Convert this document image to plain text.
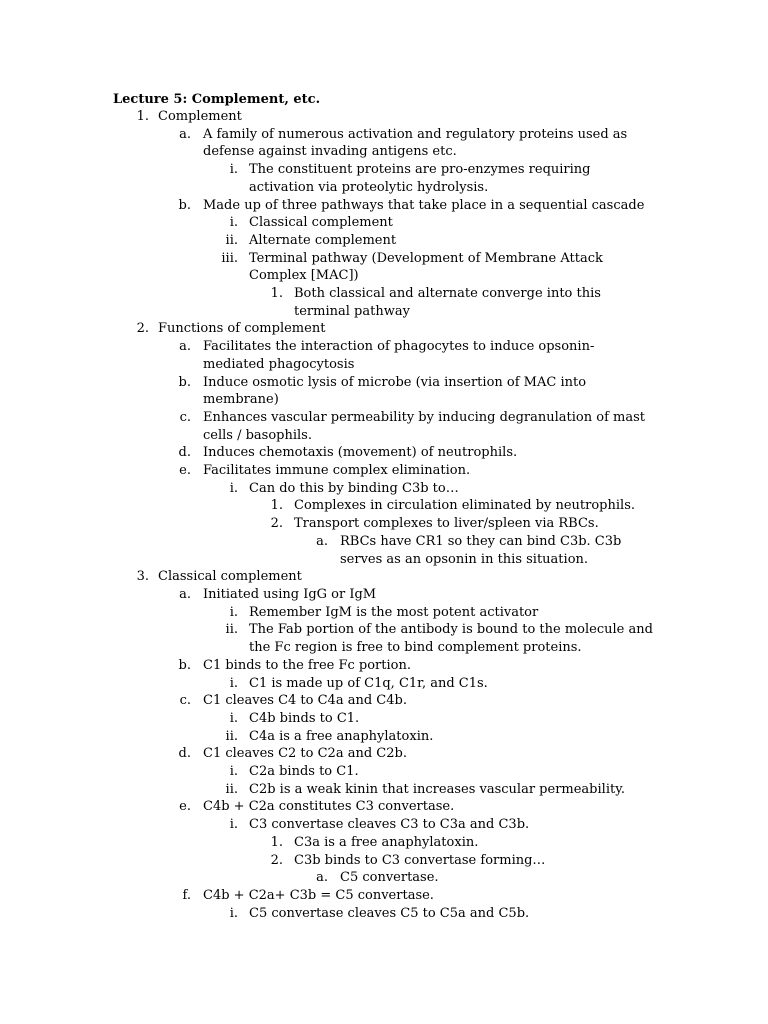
Lecture 5: Complement, etc.
1. Complement
a. A family of numerous activation and regulatory proteins used as defense against invading antigens etc.
i. The constituent proteins are pro-enzymes requiring activation via proteolytic hydrolysis.
b. Made up of three pathways that take place in a sequential cascade
i. Classical complement
ii. Alternate complement
iii. Terminal pathway (Development of Membrane Attack Complex [MAC])
1. Both classical and alternate converge into this terminal pathway
2. Functions of complement
a. Facilitates the interaction of phagocytes to induce opsonin-mediated phagocytosis
b. Induce osmotic lysis of microbe (via insertion of MAC into membrane)
c. Enhances vascular permeability by inducing degranulation of mast cells / basophils.
d. Induces chemotaxis (movement) of neutrophils.
e. Facilitates immune complex elimination.
i. Can do this by binding C3b to…
1. Complexes in circulation eliminated by neutrophils.
2. Transport complexes to liver/spleen via RBCs.
a. RBCs have CR1 so they can bind C3b. C3b serves as an opsonin in this situation.
3. Classical complement
a. Initiated using IgG or IgM
i. Remember IgM is the most potent activator
ii. The Fab portion of the antibody is bound to the molecule and the Fc region is free to bind complement proteins.
b. C1 binds to the free Fc portion.
i. C1 is made up of C1q, C1r, and C1s.
c. C1 cleaves C4 to C4a and C4b.
i. C4b binds to C1.
ii. C4a is a free anaphylatoxin.
d. C1 cleaves C2 to C2a and C2b.
i. C2a binds to C1.
ii. C2b is a weak kinin that increases vascular permeability.
e. C4b + C2a constitutes C3 convertase.
i. C3 convertase cleaves C3 to C3a and C3b.
1. C3a is a free anaphylatoxin.
2. C3b binds to C3 convertase forming…
a. C5 convertase.
f. C4b + C2a+ C3b = C5 convertase.
i. C5 convertase cleaves C5 to C5a and C5b.
